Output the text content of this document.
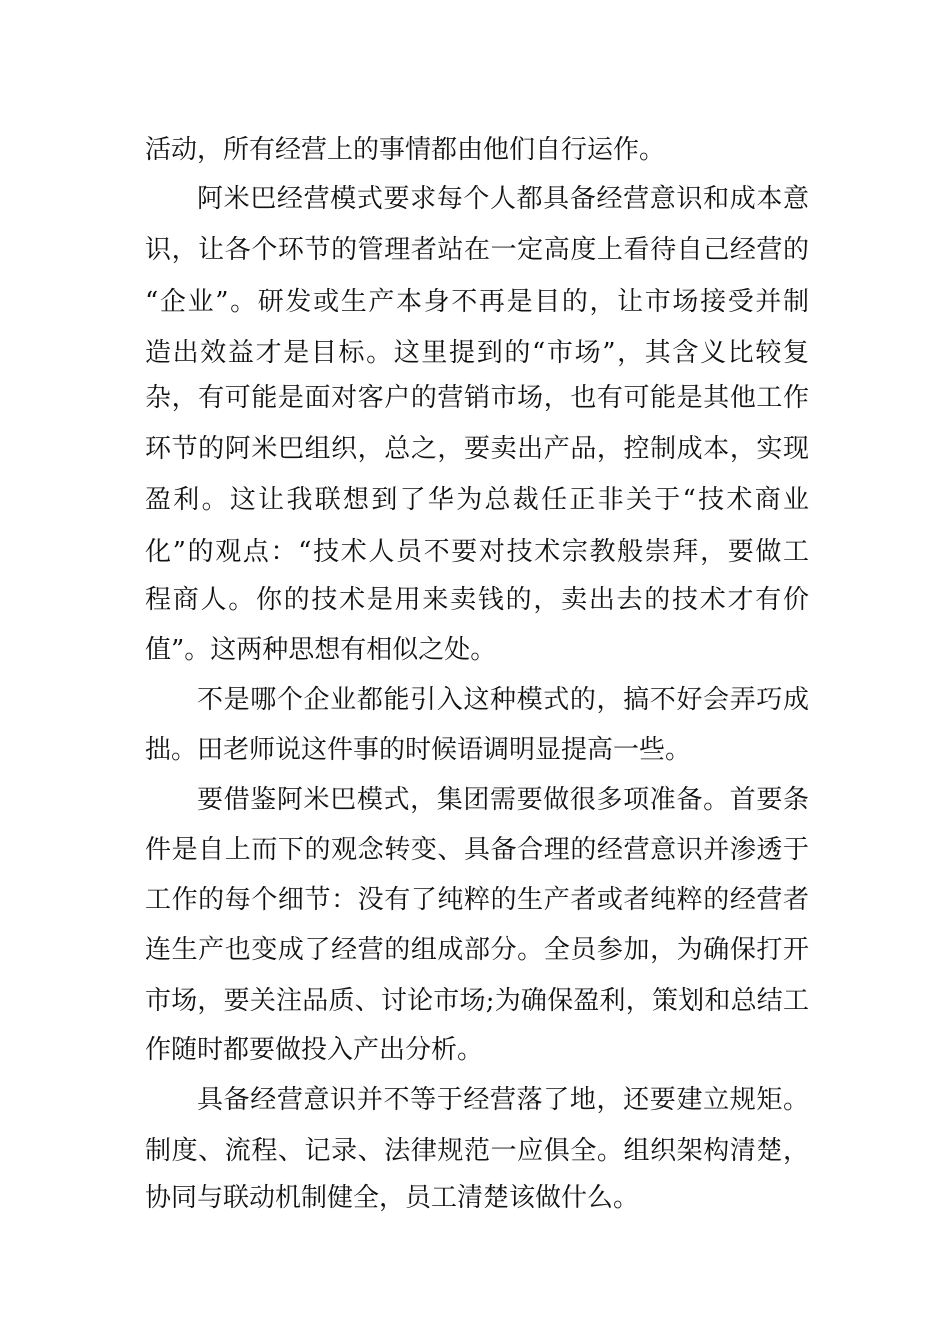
活动，所有经营上的事情都由他们自行运作。
阿米巴经营模式要求每个人都具备经营意识和成本意
识，让各个环节的管理者站在一定高度上看待自己经营的
“企业”。研发或生产本身不再是目的，让市场接受并制
造出效益才是目标。这里提到的“市场”，其含义比较复
杂，有可能是面对客户的营销市场，也有可能是其他工作
环节的阿米巴组织，总之，要卖出产品，控制成本，实现
盈利。这让我联想到了华为总裁任正非关于“技术商业
化”的观点：“技术人员不要对技术宗教般崇拜，要做工
程商人。你的技术是用来卖钱的，卖出去的技术才有价
值”。这两种思想有相似之处。
不是哪个企业都能引入这种模式的，搞不好会弄巧成
拙。田老师说这件事的时候语调明显提高一些。
要借鉴阿米巴模式，集团需要做很多项准备。首要条
件是自上而下的观念转变、具备合理的经营意识并渗透于
工作的每个细节：没有了纯粹的生产者或者纯粹的经营者
连生产也变成了经营的组成部分。全员参加，为确保打开
市场，要关注品质、讨论市场;为确保盈利，策划和总结工
作随时都要做投入产出分析。
具备经营意识并不等于经营落了地，还要建立规矩。
制度、流程、记录、法律规范一应俱全。组织架构清楚，
协同与联动机制健全，员工清楚该做什么。
